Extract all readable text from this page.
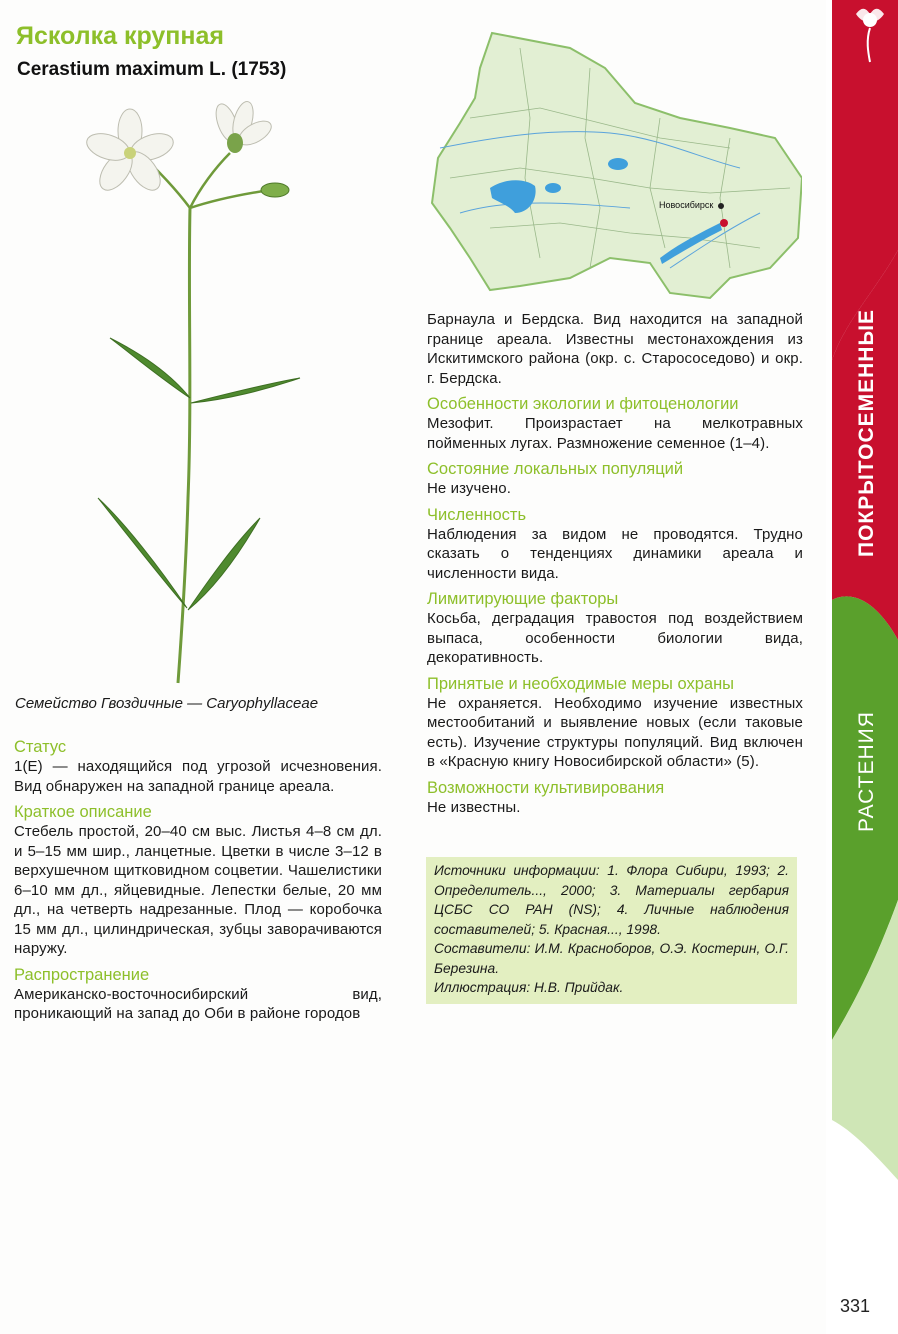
Ясколка крупная
Cerastium maximum L. (1753)
Семейство Гвоздичные — Caryophyllaceae
Новосибирск

Статус

1(E) — находящийся под угрозой исчезновения. Вид обнаружен на западной границе ареала.

Краткое описание

Стебель простой, 20–40 см выс. Листья 4–8 см дл. и 5–15 мм шир., ланцетные. Цветки в числе 3–12 в верхушечном щитковидном соцветии. Чашелистики 6–10 мм дл., яйцевидные. Лепестки белые, 20 мм дл., на четверть надрезанные. Плод — коробочка 15 мм дл., цилиндрическая, зубцы заворачиваются наружу.

Распространение

Американско-восточносибирский вид, проникающий на запад до Оби в районе городов

Барнаула и Бердска. Вид находится на западной границе ареала. Известны местонахождения из Искитимского района (окр. с. Старососедово) и окр. г. Бердска.

Особенности экологии и фитоценологии

Мезофит. Произрастает на мелкотравных пойменных лугах. Размножение семенное (1–4).

Состояние локальных популяций

Не изучено.

Численность

Наблюдения за видом не проводятся. Трудно сказать о тенденциях динамики ареала и численности вида.

Лимитирующие факторы

Косьба, деградация травостоя под воздействием выпаса, особенности биологии вида, декоративность.

Принятые и необходимые меры охраны

Не охраняется. Необходимо изучение известных местообитаний и выявление новых (если таковые есть). Изучение структуры популяций. Вид включен в «Красную книгу Новосибирской области» (5).

Возможности культивирования

Не известны.

Источники информации: 1. Флора Сибири, 1993; 2. Определитель..., 2000; 3. Материалы гербария ЦСБС СО РАН (NS); 4. Личные наблюдения составителей; 5. Красная..., 1998.

Составители: И.М. Красноборов, О.Э. Костерин, О.Г. Березина.

Иллюстрация: Н.В. Прийдак.

РАСТЕНИЯ
331
